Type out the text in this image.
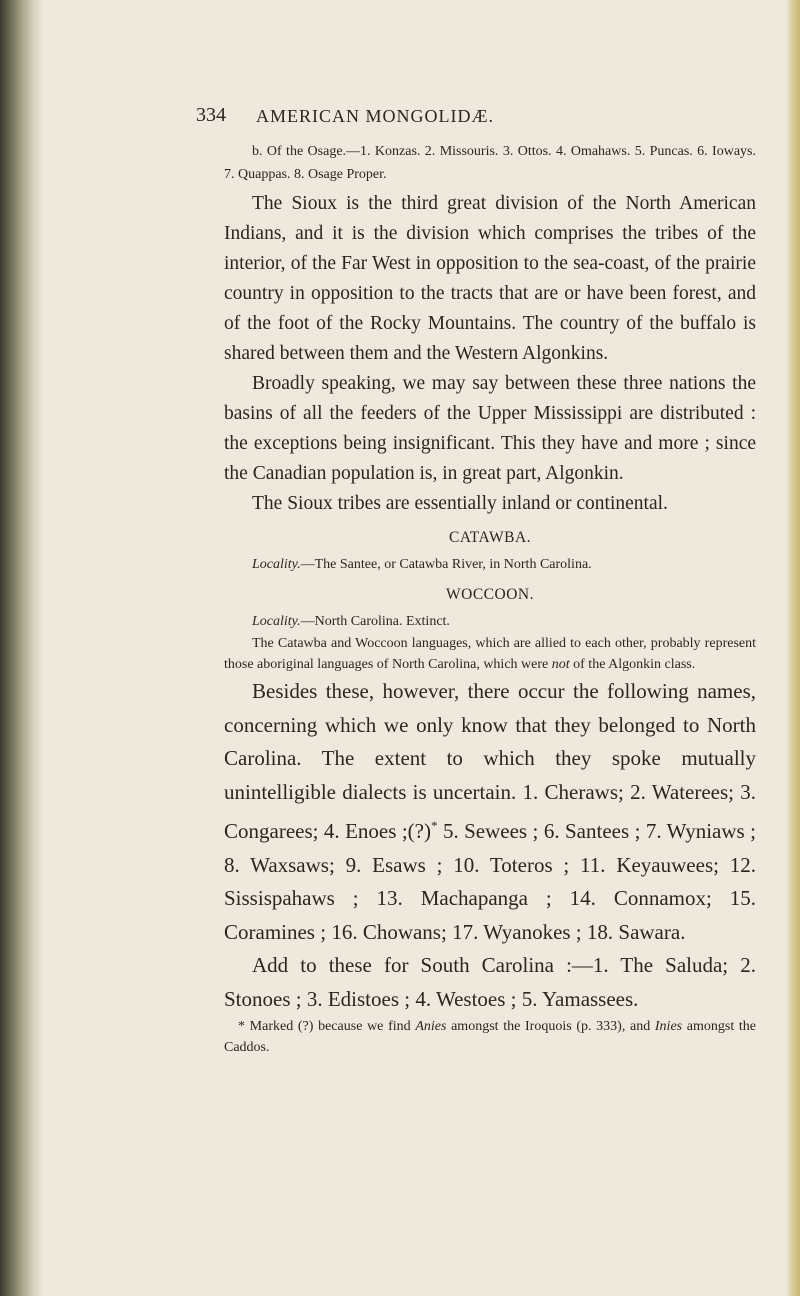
334 AMERICAN MONGOLIDÆ.

b. Of the Osage.—1. Konzas. 2. Missouris. 3. Ottos. 4. Omahaws. 5. Puncas. 6. Ioways. 7. Quappas. 8. Osage Proper.

The Sioux is the third great division of the North American Indians, and it is the division which comprises the tribes of the interior, of the Far West in opposition to the sea-coast, of the prairie country in opposition to the tracts that are or have been forest, and of the foot of the Rocky Mountains. The country of the buffalo is shared between them and the Western Algonkins.

Broadly speaking, we may say between these three nations the basins of all the feeders of the Upper Mississippi are distributed : the exceptions being insignificant. This they have and more ; since the Canadian population is, in great part, Algonkin.

The Sioux tribes are essentially inland or continental.

CATAWBA.

Locality.—The Santee, or Catawba River, in North Carolina.

WOCCOON.

Locality.—North Carolina. Extinct.

The Catawba and Woccoon languages, which are allied to each other, probably represent those aboriginal languages of North Carolina, which were not of the Algonkin class.

Besides these, however, there occur the following names, concerning which we only know that they belonged to North Carolina. The extent to which they spoke mutually unintelligible dialects is uncertain. 1. Cheraws; 2. Waterees; 3. Congarees; 4. Enoes ;(?)* 5. Sewees ; 6. Santees ; 7. Wyniaws ; 8. Waxsaws; 9. Esaws ; 10. Toteros ; 11. Keyauwees; 12. Sissispahaws ; 13. Machapanga ; 14. Connamox; 15. Coramines ; 16. Chowans; 17. Wyanokes ; 18. Sawara.

Add to these for South Carolina :—1. The Saluda; 2. Stonoes ; 3. Edistoes ; 4. Westoes ; 5. Yamassees.

* Marked (?) because we find Anies amongst the Iroquois (p. 333), and Inies amongst the Caddos.
